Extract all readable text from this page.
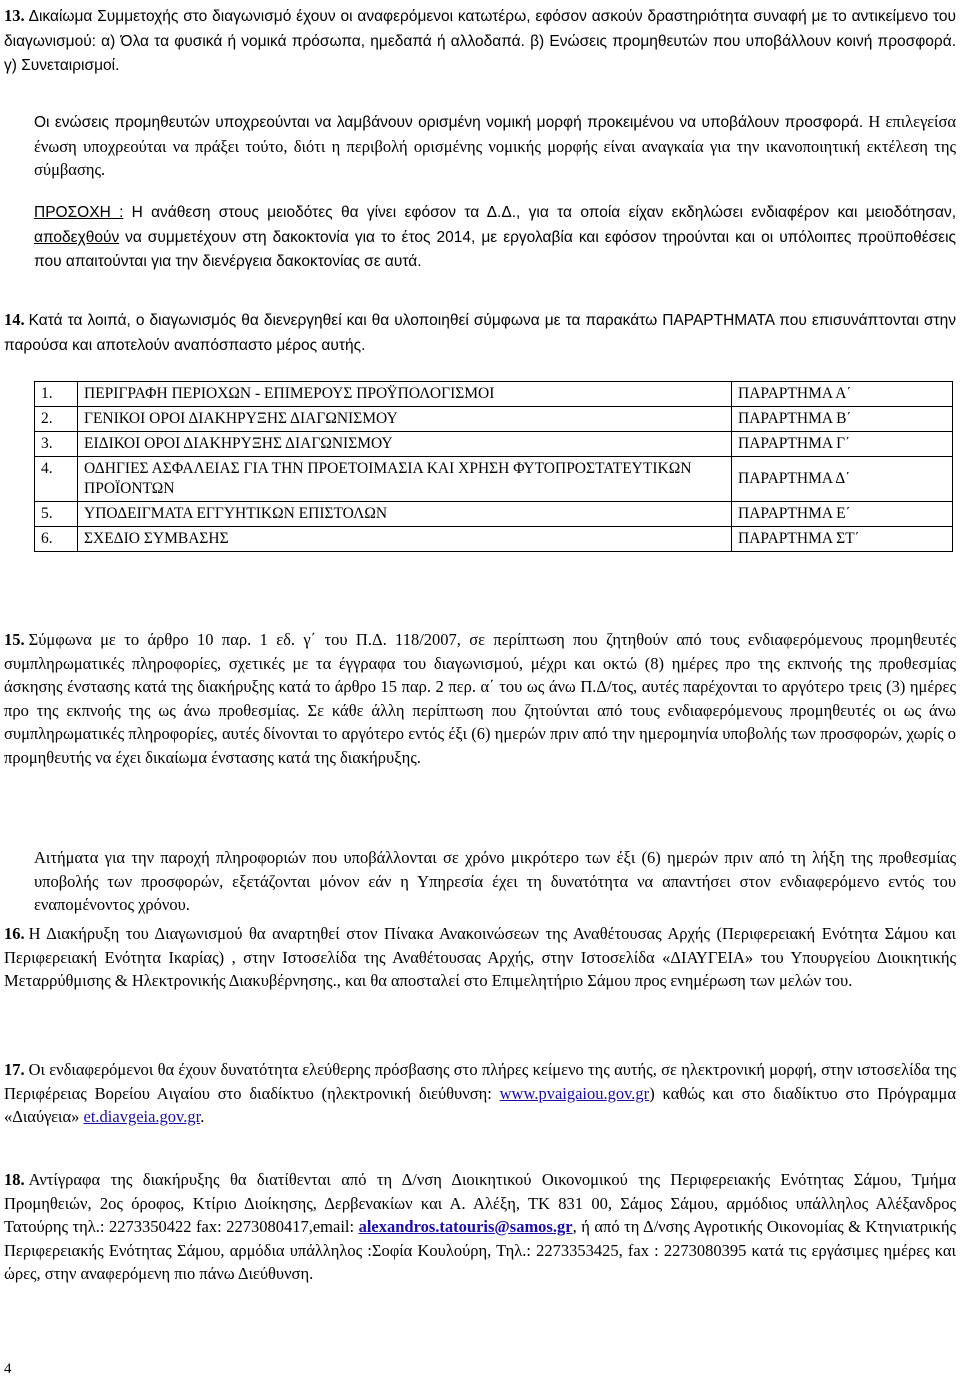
13. Δικαίωμα Συμμετοχής στο διαγωνισμό έχουν οι αναφερόμενοι κατωτέρω, εφόσον ασκούν δραστηριότητα συναφή με το αντικείμενο του διαγωνισμού: α) Όλα τα φυσικά ή νομικά πρόσωπα, ημεδαπά ή αλλοδαπά. β) Ενώσεις προμηθευτών που υποβάλλουν κοινή προσφορά. γ) Συνεταιρισμοί.
Οι ενώσεις προμηθευτών υποχρεούνται να λαμβάνουν ορισμένη νομική μορφή προκειμένου να υποβάλουν προσφορά. Η επιλεγείσα ένωση υποχρεούται να πράξει τούτο, διότι η περιβολή ορισμένης νομικής μορφής είναι αναγκαία για την ικανοποιητική εκτέλεση της σύμβασης.
ΠΡΟΣΟΧΗ : Η ανάθεση στους μειοδότες θα γίνει εφόσον τα Δ.Δ., για τα οποία είχαν εκδηλώσει ενδιαφέρον και μειοδότησαν, αποδεχθούν να συμμετέχουν στη δακοκτονία για το έτος 2014, με εργολαβία και εφόσον τηρούνται και οι υπόλοιπες προϋποθέσεις που απαιτούνται για την διενέργεια δακοκτονίας σε αυτά.
14. Κατά τα λοιπά, ο διαγωνισμός θα διενεργηθεί και θα υλοποιηθεί σύμφωνα με τα παρακάτω ΠΑΡΑΡΤΗΜΑΤΑ που επισυνάπτονται στην παρούσα και αποτελούν αναπόσπαστο μέρος αυτής.
1.	ΠΕΡΙΓΡΑΦΗ ΠΕΡΙΟΧΩΝ - ΕΠΙΜΕΡΟΥΣ ΠΡΟΫΠΟΛΟΓΙΣΜΟΙ	ΠΑΡΑΡΤΗΜΑ Α΄
2.	ΓΕΝΙΚΟΙ ΟΡΟΙ ΔΙΑΚΗΡΥΞΗΣ ΔΙΑΓΩΝΙΣΜΟΥ	ΠΑΡΑΡΤΗΜΑ Β΄
3.	ΕΙΔΙΚΟΙ ΟΡΟΙ ΔΙΑΚΗΡΥΞΗΣ ΔΙΑΓΩΝΙΣΜΟΥ	ΠΑΡΑΡΤΗΜΑ Γ΄
4.	ΟΔΗΓΙΕΣ ΑΣΦΑΛΕΙΑΣ ΓΙΑ ΤΗΝ ΠΡΟΕΤΟΙΜΑΣΙΑ ΚΑΙ ΧΡΗΣΗ ΦΥΤΟΠΡΟΣΤΑΤΕΥΤΙΚΩΝ ΠΡΟΪΟΝΤΩΝ	ΠΑΡΑΡΤΗΜΑ Δ΄
5.	ΥΠΟΔΕΙΓΜΑΤΑ ΕΓΓΥΗΤΙΚΩΝ ΕΠΙΣΤΟΛΩΝ	ΠΑΡΑΡΤΗΜΑ Ε΄
6.	ΣΧΕΔΙΟ ΣΥΜΒΑΣΗΣ	ΠΑΡΑΡΤΗΜΑ ΣΤ΄
15. Σύμφωνα με το άρθρο 10 παρ. 1 εδ. γ΄ του Π.Δ. 118/2007, σε περίπτωση που ζητηθούν από τους ενδιαφερόμενους προμηθευτές συμπληρωματικές πληροφορίες, σχετικές με τα έγγραφα του διαγωνισμού, μέχρι και οκτώ (8) ημέρες προ της εκπνοής της προθεσμίας άσκησης ένστασης κατά της διακήρυξης κατά το άρθρο 15 παρ. 2 περ. α΄ του ως άνω Π.Δ/τος, αυτές παρέχονται το αργότερο τρεις (3) ημέρες προ της εκπνοής της ως άνω προθεσμίας. Σε κάθε άλλη περίπτωση που ζητούνται από τους ενδιαφερόμενους προμηθευτές οι ως άνω συμπληρωματικές πληροφορίες, αυτές δίνονται το αργότερο εντός έξι (6) ημερών πριν από την ημερομηνία υποβολής των προσφορών, χωρίς ο προμηθευτής να έχει δικαίωμα ένστασης κατά της διακήρυξης.
Αιτήματα για την παροχή πληροφοριών που υποβάλλονται σε χρόνο μικρότερο των έξι (6) ημερών πριν από τη λήξη της προθεσμίας υποβολής των προσφορών, εξετάζονται μόνον εάν η Υπηρεσία έχει τη δυνατότητα να απαντήσει στον ενδιαφερόμενο εντός του εναπομένοντος χρόνου.
16. Η Διακήρυξη του Διαγωνισμού θα αναρτηθεί στον Πίνακα Ανακοινώσεων της Αναθέτουσας Αρχής (Περιφερειακή Ενότητα Σάμου και Περιφερειακή Ενότητα Ικαρίας) , στην Ιστοσελίδα της Αναθέτουσας Αρχής, στην Ιστοσελίδα «ΔΙΑΥΓΕΙΑ» του Υπουργείου Διοικητικής Μεταρρύθμισης & Ηλεκτρονικής Διακυβέρνησης., και θα αποσταλεί στο Επιμελητήριο Σάμου προς ενημέρωση των μελών του.
17. Οι ενδιαφερόμενοι θα έχουν δυνατότητα ελεύθερης πρόσβασης στο πλήρες κείμενο της αυτής, σε ηλεκτρονική μορφή, στην ιστοσελίδα της Περιφέρειας Βορείου Αιγαίου στο διαδίκτυο (ηλεκτρονική διεύθυνση: www.pvaigaiou.gov.gr) καθώς και στο διαδίκτυο στο Πρόγραμμα «Διαύγεια» et.diavgeia.gov.gr.
18. Αντίγραφα της διακήρυξης θα διατίθενται από τη Δ/νση Διοικητικού Οικονομικού της Περιφερειακής Ενότητας Σάμου, Τμήμα Προμηθειών, 2ος όροφος, Κτίριο Διοίκησης, Δερβενακίων και Α. Αλέξη, ΤΚ 831 00, Σάμος Σάμου, αρμόδιος υπάλληλος Αλέξανδρος Τατούρης τηλ.: 2273350422 fax: 2273080417,email: alexandros.tatouris@samos.gr, ή από τη Δ/νσης Αγροτικής Οικονομίας & Κτηνιατρικής Περιφερειακής Ενότητας Σάμου, αρμόδια υπάλληλος :Σοφία Κουλούρη, Τηλ.: 2273353425, fax : 2273080395 κατά τις εργάσιμες ημέρες και ώρες, στην αναφερόμενη πιο πάνω Διεύθυνση.
4
